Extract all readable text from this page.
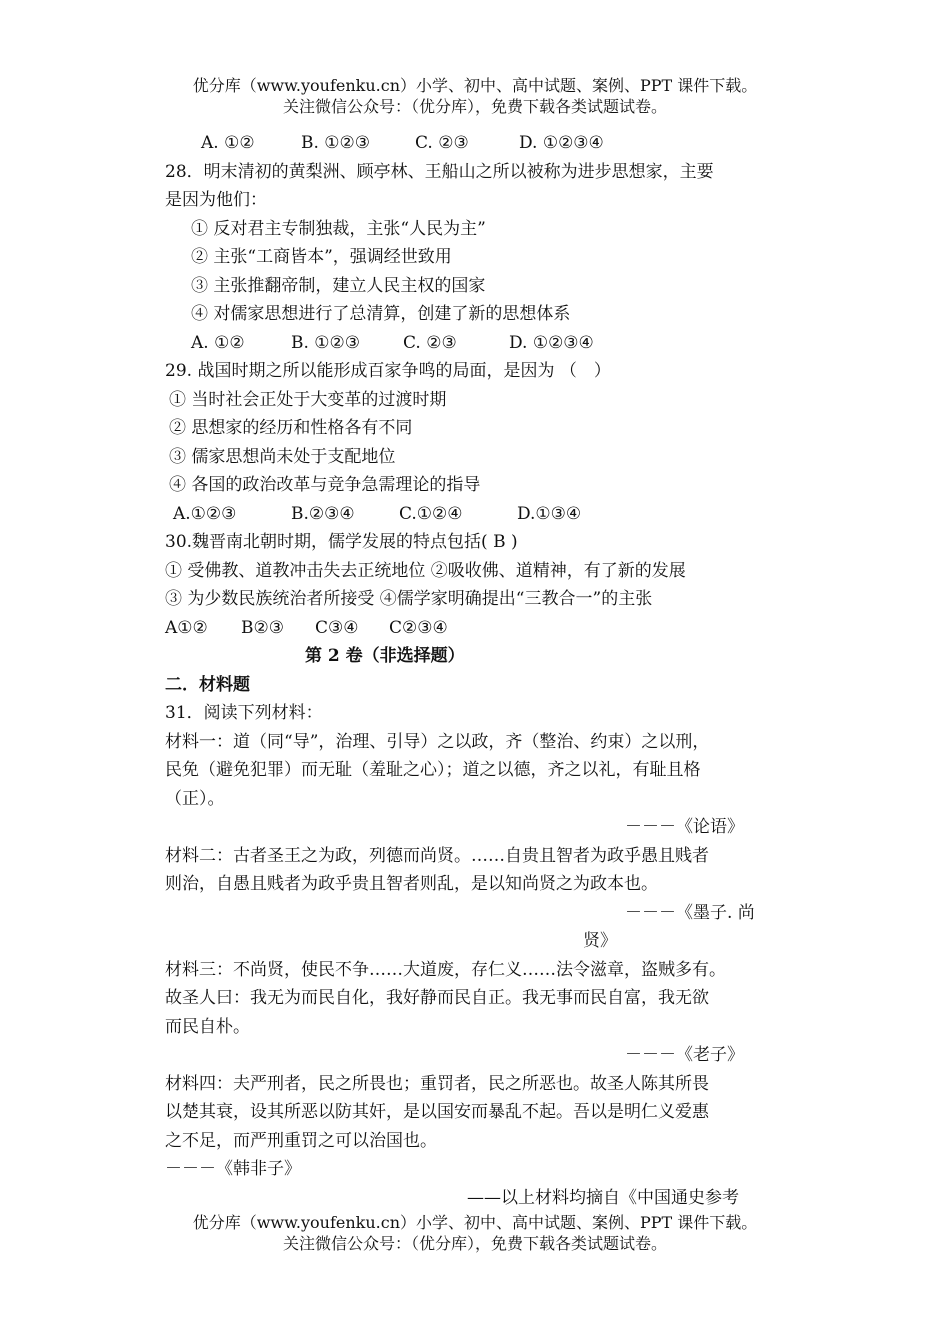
优分库（www.youfenku.cn）小学、初中、高中试题、案例、PPT 课件下载。
关注微信公众号：（优分库），免费下载各类试题试卷。
A. ①②	B. ①②③	C. ②③	D. ①②③④
28．明末清初的黄梨洲、顾亭林、王船山之所以被称为进步思想家，主要
是因为他们：
① 反对君主专制独裁，主张“人民为主”
② 主张“工商皆本”，强调经世致用
③ 主张推翻帝制，建立人民主权的国家
④ 对儒家思想进行了总清算，创建了新的思想体系
A. ①②	B. ①②③	C. ②③	D. ①②③④
29. 战国时期之所以能形成百家争鸣的局面，是因为 （　）
① 当时社会正处于大变革的过渡时期
② 思想家的经历和性格各有不同
③ 儒家思想尚未处于支配地位
④ 各国的政治改革与竞争急需理论的指导
A.①②③	B.②③④	C.①②④	D.①③④
30.魏晋南北朝时期，儒学发展的特点包括( B )
① 受佛教、道教冲击失去正统地位 ②吸收佛、道精神，有了新的发展
③ 为少数民族统治者所接受 ④儒学家明确提出“三教合一”的主张
A①② B②③ C③④ C②③④
第 2 卷（非选择题）
二．材料题
31．阅读下列材料：
材料一：道（同“导”，治理、引导）之以政，齐（整治、约束）之以刑，
民免（避免犯罪）而无耻（羞耻之心）；道之以德，齐之以礼，有耻且格
（正）。
－－－《论语》
材料二：古者圣王之为政，列德而尚贤。……自贵且智者为政乎愚且贱者
则治，自愚且贱者为政乎贵且智者则乱，是以知尚贤之为政本也。
－－－《墨子. 尚
贤》
材料三：不尚贤，使民不争……大道废，存仁义……法令滋章，盗贼多有。
故圣人曰：我无为而民自化，我好静而民自正。我无事而民自富，我无欲
而民自朴。
－－－《老子》
材料四：夫严刑者，民之所畏也；重罚者，民之所恶也。故圣人陈其所畏
以楚其衰，设其所恶以防其奸，是以国安而暴乱不起。吾以是明仁义爱惠
之不足，而严刑重罚之可以治国也。
－－－《韩非子》
——以上材料均摘自《中国通史参考
优分库（www.youfenku.cn）小学、初中、高中试题、案例、PPT 课件下载。
关注微信公众号：（优分库），免费下载各类试题试卷。
